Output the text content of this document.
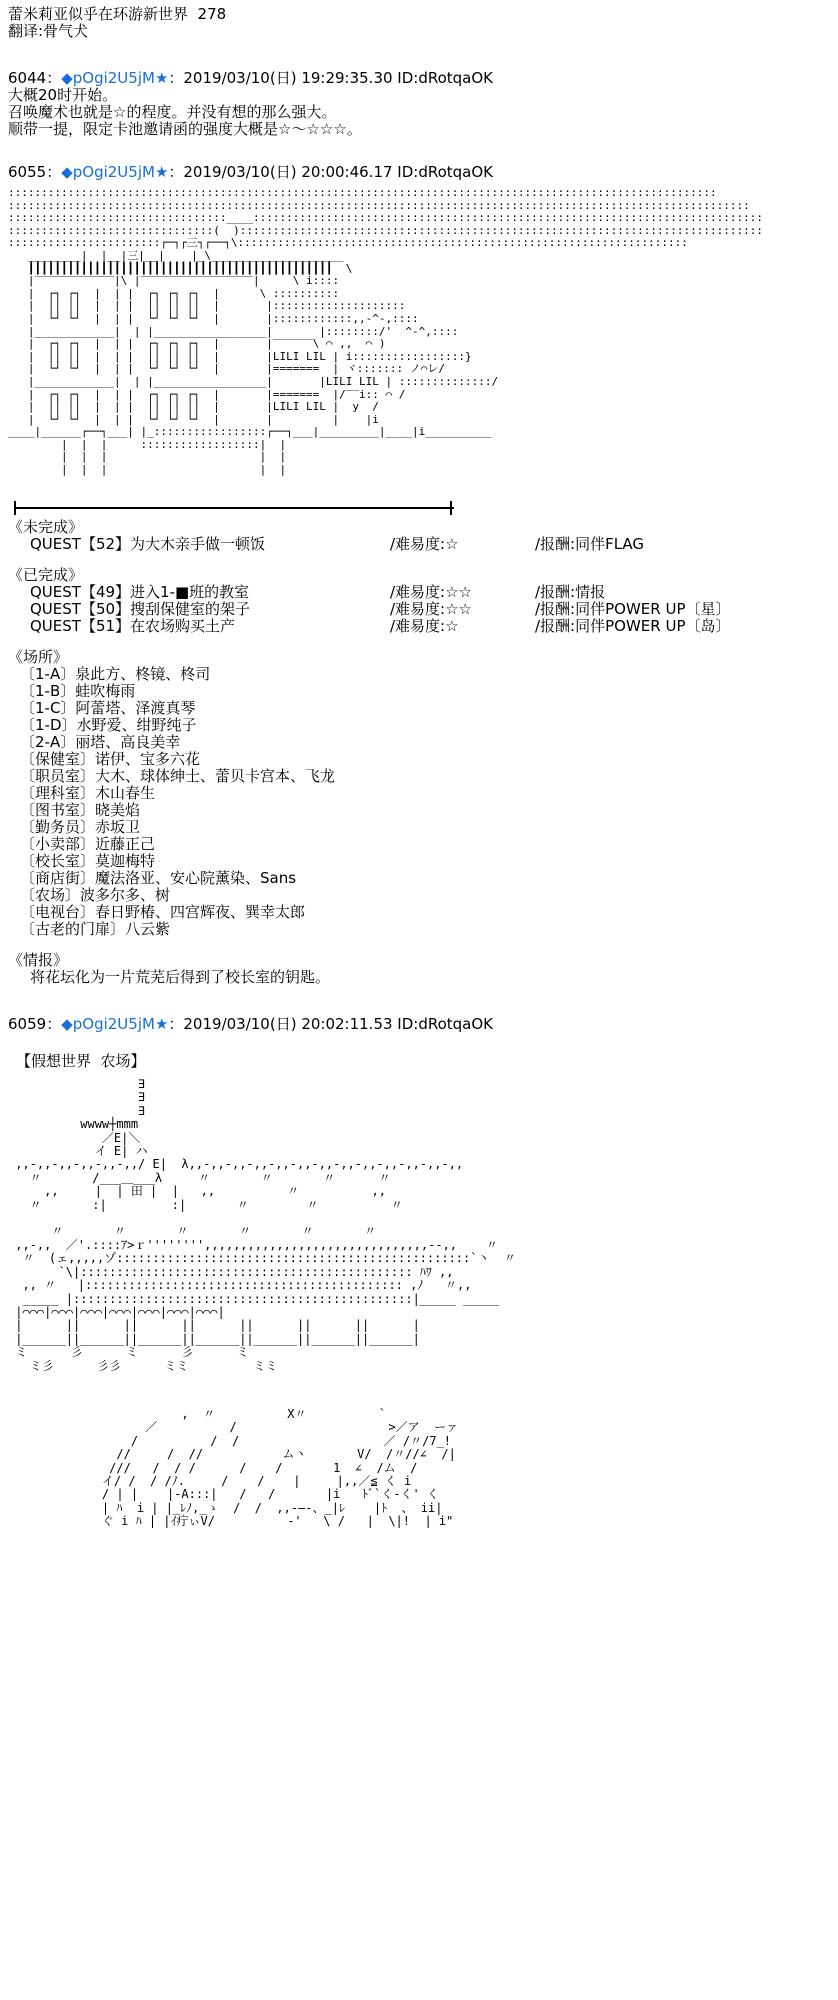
蕾米莉亚似乎在环游新世界  278
翻译:骨气犬
6044：◆pOgi2U5jM★：2019/03/10(日) 19:29:35.30 ID:dRotqaOK
大概20时开始。
召唤魔术也就是☆的程度。并没有想的那么强大。
顺带一提，限定卡池邀请函的强度大概是☆～☆☆☆。
6055：◆pOgi2U5jM★：2019/03/10(日) 20:00:46.17 ID:dRotqaOK
:::::::::::::::::::::::::::::::::::::::::::::::::::::::::::::::::::::::::::::::::::::::::::::::::::::::::::
::::::::::::::::::::::::::::::::::::::::::::::::::::::::::::::::::::::::::::::::::::::::::::::::::::::::::::::::
:::::::::::::::::::::::::::::::::____:::::::::::::::::::::::::::::::::::::::::::::::::::::::::::::::::::::::::::::
:::::::::::::::::::::::::::::::(  ):::::::::::::::::::::::::::::::::::::::::::::::::::::::::::::::::::::::::::::::
:::::::::::::::::::::::┌─┐┌三┐┌──┐\::::::::::::::::::::::::::::::::::::::::::::::::::::::::::::::::::::
________|  |__|三|__|    |_\____________________
┃┃┃┃┃┃┃┃┃┃┃┃┃┃┃┃┃┃┃┃┃┃┃┃┃┃┃┃┃┃┃┃┃┃┃┃┃┃┃┃┃┃┃┃┃┃  \
|‾‾‾‾‾‾‾‾‾‾‾‾|\ |‾‾‾‾‾‾‾‾‾‾‾‾‾‾‾‾‾|     \ i::::
|  ┌┐ ┌┐  |  | |  ┌┐ ┌┐ ┌┐  |      \ ::::::::::
|  ││ ││  |  | |  ││ ││ ││  |       |::::::::::::::::::::
|  └┘ └┘  |  | |  └┘ └┘ └┘  |       |::::::::::::,,-^-,::::
|____________|  | |_________________|       |::::::::/'  ^-^,::::
|  ┌┐ ┌┐  |  | |  ┌┐ ┌┐ ┌┐  |       |‾‾‾‾‾‾\ ⌒ ,,  ⌒ )
|  ││ ││  |  | |  ││ ││ ││  |       |LILI LIL | i:::::::::::::::::}
|  └┘ └┘  |  | |  └┘ └┘ └┘  |       |=======  | ヾ::::::: ノ⌒レ/
|____________|  | |_________________|       |LILI LIL | ::::::::::::::/
|  ┌┐ ┌┐  |  | |  ┌┐ ┌┐ ┌┐  |       |=======  |/‾‾i:: ⌒ /
|  ││ ││  |  | |  ││ ││ ││  |       |LILI LIL |  y  /
|  └┘ └┘  |  | |  └┘ └┘ └┘  |       |         |    |i
____|______┌──┐___| |_:::::::::::::::::┌──┐___|_________|____|i__________
|  |  |     ::::::::::::::::::|  |
|  |  |                       |  |
|  |  |                       |  |
《未完成》
QUEST【52】为大木亲手做一顿饭	/难易度:☆	/报酬:同伴FLAG
《已完成》
QUEST【49】进入1-■班的教室	/难易度:☆☆	/报酬:情报
QUEST【50】搜刮保健室的架子	/难易度:☆☆	/报酬:同伴POWER UP〔星〕
QUEST【51】在农场购买土产	/难易度:☆	/报酬:同伴POWER UP〔岛〕
《场所》
〔1-A〕泉此方、柊镜、柊司
〔1-B〕蛙吹梅雨
〔1-C〕阿蕾塔、泽渡真琴
〔1-D〕水野爱、绀野纯子
〔2-A〕丽塔、高良美幸
〔保健室〕诺伊、宝多六花
〔职员室〕大木、球体绅士、蕾贝卡宫本、飞龙
〔理科室〕木山春生
〔图书室〕晓美焰
〔勤务员〕赤坂卫
〔小卖部〕近藤正己
〔校长室〕莫迦梅特
〔商店街〕魔法洛亚、安心院薰染、Sans
〔农场〕波多尔多、树
〔电视台〕春日野椿、四宫辉夜、巽幸太郎
〔古老的门扉〕八云紫
《情报》
将花坛化为一片荒芜后得到了校长室的钥匙。
6059：◆pOgi2U5jM★：2019/03/10(日) 20:02:11.53 ID:dRotqaOK
【假想世界  农场】
∃
∃
∃
wwww┼mmm
／E|＼
イ E| ハ
,,-,,-,,-,,-,,-,,/ E|  λ,,-,,-,,-,,-,,-,,-,,-,,-,,-,,-,,-,,-,,
〃       /___＿___λ     〃       〃       〃      〃
,,     |  | 田 |  |   ,,          〃          ,,
〃       :|         :|       〃        〃          〃

〃       〃       〃       〃       〃       〃
,,-,,  ／'.::::ｱ>ｒ'''''''',,,,,,,,,,,,,,,,,,,,,,,,,,,,,,,‐-,,    〃
〃  (ェ,,,,,ゾ:::::::::::::::::::::::::::::::::::::::::::::::::`丶  〃
`\|:::::::::::::::::::::::::::::::::::::::::::::: ﾊﾜ ,,
,, 〃   |:::::::::::::::::::::::::::::::::::::::::::: ,ﾉ   〃,,
_____ |:::::::::::::::::::::::::::::::::::::::::::::::|_____ _____
|⌒⌒⌒|⌒⌒⌒|⌒⌒⌒|⌒⌒⌒|⌒⌒⌒|⌒⌒⌒|⌒⌒⌒|
|      ||      ||      ||      ||      ||      ||      |
|______||______||______||______||______||______||______|
ミ      彡      ミ      彡      ミ
ミ彡      彡彡      ミミ         ミミ
,  〃          X〃          `
／          /                     >／ア  ーァ
/          /  /                    ／ /〃/7_!
//     /  //           ム丶       V/  /〃//∠  /|
///   /  / /      /    /       1  ∠  /ム  /
イ/ /  / /ﾉ.     /    /    |     |,,／≦ く i
/ | |    |-A:::|   /   /       |i   ﾄﾞ`く-く' く
| ﾊ  i | |_ﾚﾉ,_ゝ  /  /  ,,‐―‐、_|ﾚ    |ﾄ  、 ii|
ぐ i ﾊ | |ｲ疔ぃV/          ‐'   \ /   |  \|!  | i"
